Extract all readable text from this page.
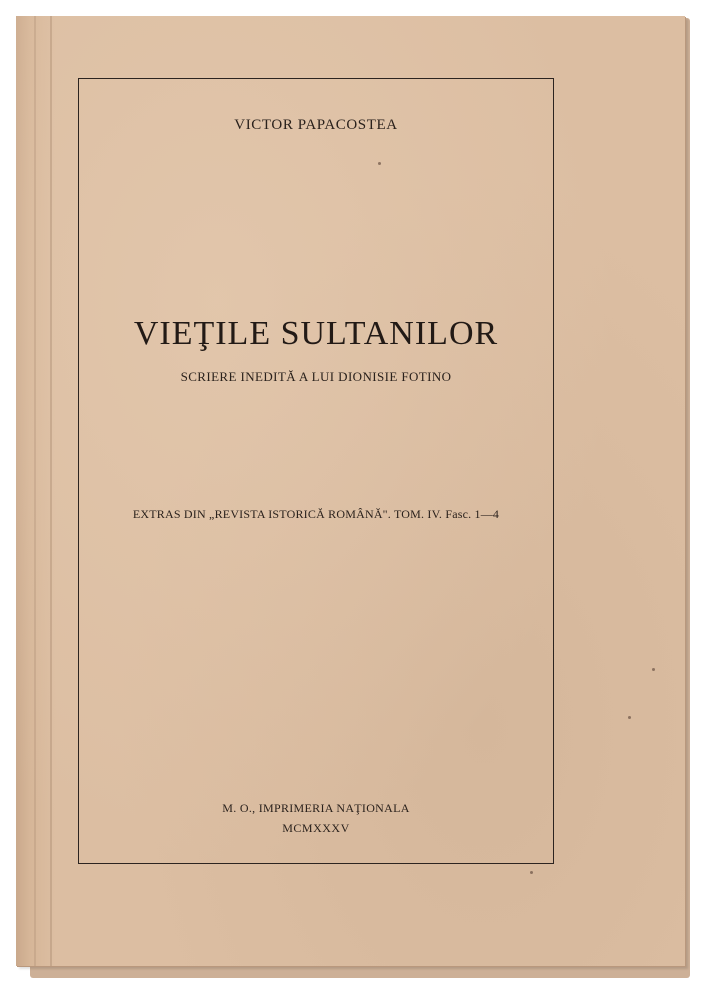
VICTOR PAPACOSTEA
VIEŢILE SULTANILOR
SCRIERE INEDITĂ A LUI DIONISIE FOTINO
EXTRAS DIN „REVISTA ISTORICĂ ROMÂNĂ". TOM. IV. Fasc. 1—4
M. O., IMPRIMERIA NAŢIONALA
MCMXXXV
